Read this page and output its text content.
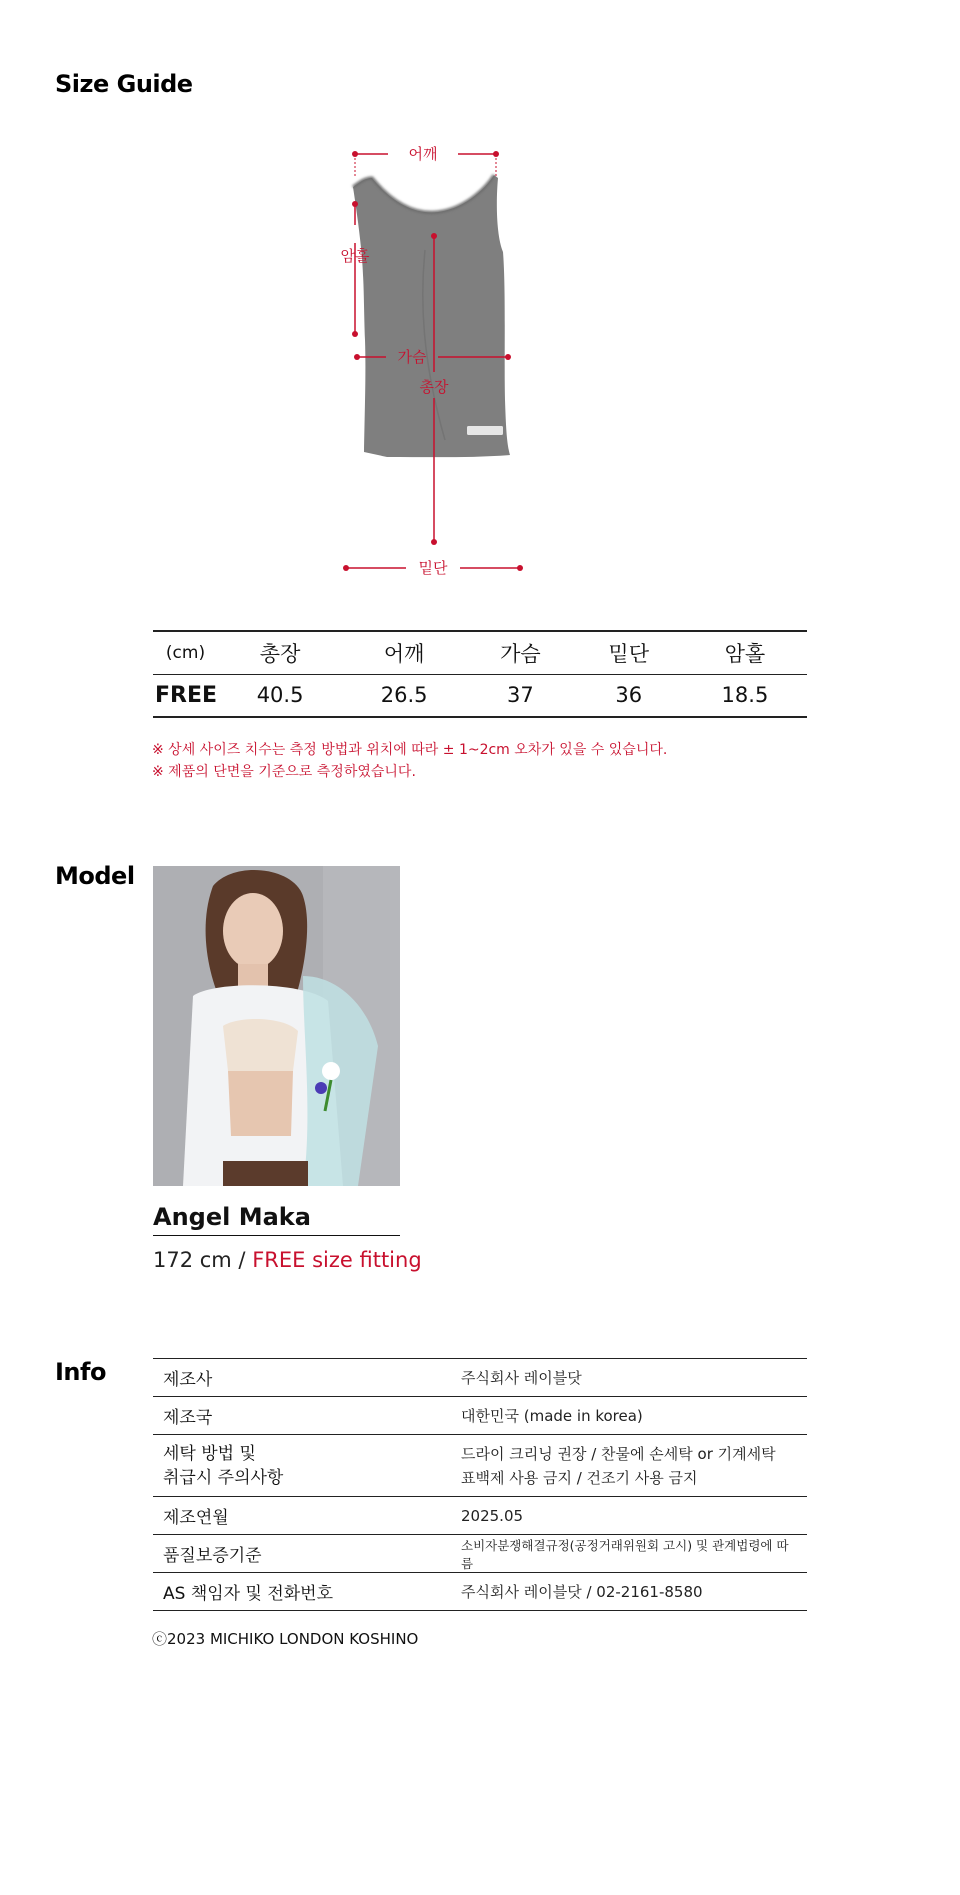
Size Guide
어깨
암홀
가슴
총장
밑단
(cm)	총장	어깨	가슴	밑단	암홀
FREE	40.5	26.5	37	36	18.5

※ 상세 사이즈 치수는 측정 방법과 위치에 따라 ± 1~2cm 오차가 있을 수 있습니다.

※ 제품의 단면을 기준으로 측정하였습니다.

Model
Angel Maka

172 cm / FREE size fitting

Info	제조사	주식회사 레이블닷
제조국	대한민국 (made in korea)

세탁 방법 및
취급시 주의사항	드라이 크리닝 권장 / 찬물에 손세탁 or 기계세탁
표백제 사용 금지 / 건조기 사용 금지

제조연월	2025.05
품질보증기준	소비자분쟁해결규정(공정거래위원회 고시) 및 관계법령에 따름
AS 책임자 및 전화번호	주식회사 레이블닷 / 02-2161-8580

ⓒ2023 MICHIKO LONDON KOSHINO
